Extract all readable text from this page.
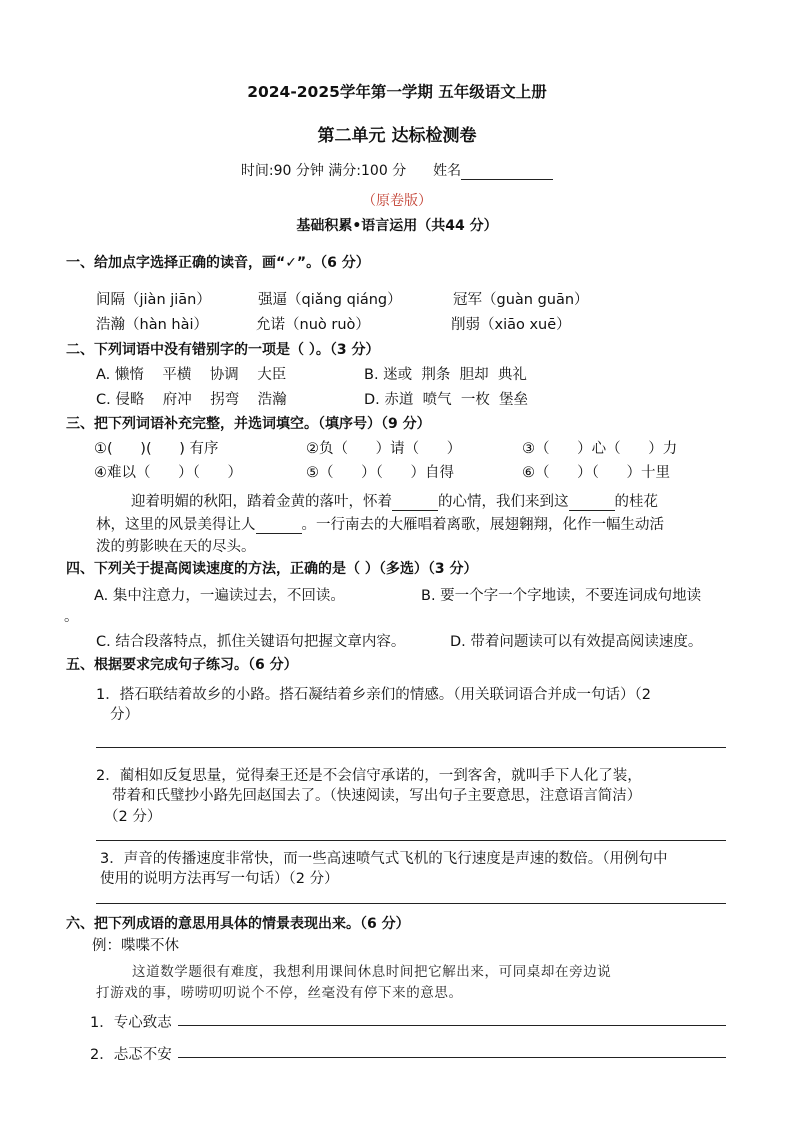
2024-2025学年第一学期 五年级语文上册
第二单元 达标检测卷
时间:90 分钟 满分:100 分 姓名
（原卷版）
基础积累•语言运用（共44 分）
一、给加点字选择正确的读音，画“✓”。（6 分）
间隔（jiàn jiān）	强逼（qiǎng qiáng）	冠军（guàn guān）
浩瀚（hàn hài）	允诺（nuò ruò）	削弱（xiāo xuē）
二、下列词语中没有错别字的一项是（ ）。（3 分）
A. 懒惰    平横    协调    大臣	B. 迷或  荆条  胆却  典礼
C. 侵略    府冲    拐弯    浩瀚	D. 赤道  喷气  一枚  堡垒
三、把下列词语补充完整，并选词填空。（填序号）（9 分）
①(      )(      ) 有序	②负（      ）请（      ）	③（      ）心（      ）力
④难以（      ）（      ）	⑤（      ）（      ）自得	⑥（      ）（      ）十里
迎着明媚的秋阳，踏着金黄的落叶，怀着	的心情，我们来到这	的桂花
林，这里的风景美得让人	。一行南去的大雁唱着离歌，展翅翱翔，化作一幅生动活
泼的剪影映在天的尽头。
四、下列关于提高阅读速度的方法，正确的是（ ）（多选）（3 分）
A. 集中注意力，一遍读过去，不回读。	B. 要一个字一个字地读，不要连词成句地读
。
C. 结合段落特点，抓住关键语句把握文章内容。	D. 带着问题读可以有效提高阅读速度。
五、根据要求完成句子练习。（6 分）
1．搭石联结着故乡的小路。搭石凝结着乡亲们的情感。（用关联词语合并成一句话）（2
分）
2．蔺相如反复思量，觉得秦王还是不会信守承诺的，一到客舍，就叫手下人化了装，
带着和氏璧抄小路先回赵国去了。（快速阅读，写出句子主要意思，注意语言简洁）
（2 分）
3．声音的传播速度非常快，而一些高速喷气式飞机的飞行速度是声速的数倍。（用例句中
使用的说明方法再写一句话）（2 分）
六、把下列成语的意思用具体的情景表现出来。（6 分）
例：喋喋不休
这道数学题很有难度，我想利用课间休息时间把它解出来，可同桌却在旁边说
打游戏的事，唠唠叨叨说个不停，丝毫没有停下来的意思。
1．专心致志
2．忐忑不安
